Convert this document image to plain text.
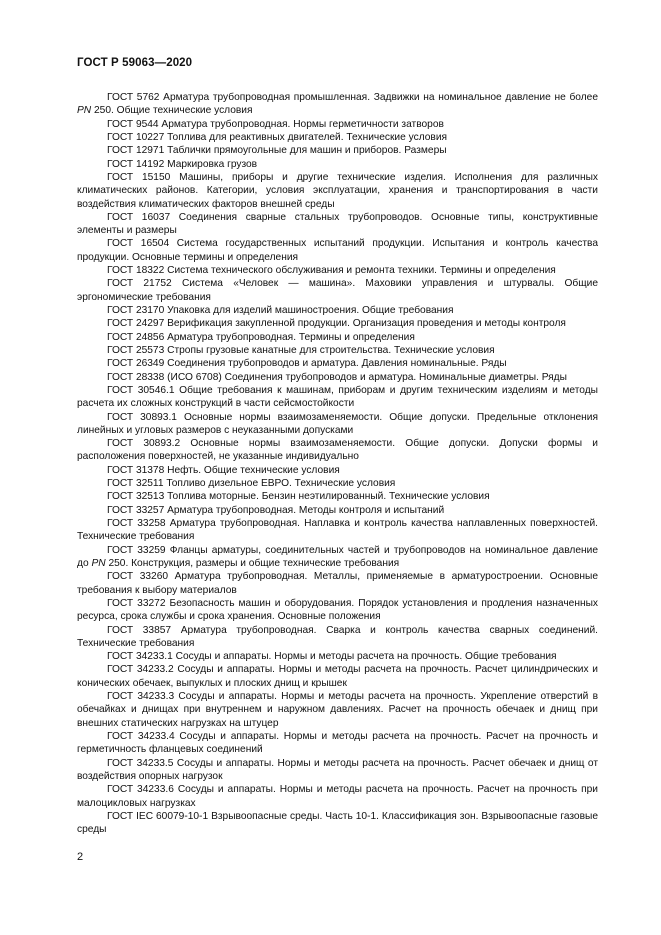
ГОСТ Р 59063—2020

ГОСТ 5762 Арматура трубопроводная промышленная. Задвижки на номинальное давление не более PN 250. Общие технические условия

ГОСТ 9544 Арматура трубопроводная. Нормы герметичности затворов

ГОСТ 10227 Топлива для реактивных двигателей. Технические условия

ГОСТ 12971 Таблички прямоугольные для машин и приборов. Размеры

ГОСТ 14192 Маркировка грузов

ГОСТ 15150 Машины, приборы и другие технические изделия. Исполнения для различных климатических районов. Категории, условия эксплуатации, хранения и транспортирования в части воздействия климатических факторов внешней среды

ГОСТ 16037 Соединения сварные стальных трубопроводов. Основные типы, конструктивные элементы и размеры

ГОСТ 16504 Система государственных испытаний продукции. Испытания и контроль качества продукции. Основные термины и определения

ГОСТ 18322 Система технического обслуживания и ремонта техники. Термины и определения

ГОСТ 21752 Система «Человек — машина». Маховики управления и штурвалы. Общие эргономические требования

ГОСТ 23170 Упаковка для изделий машиностроения. Общие требования

ГОСТ 24297 Верификация закупленной продукции. Организация проведения и методы контроля

ГОСТ 24856 Арматура трубопроводная. Термины и определения

ГОСТ 25573 Стропы грузовые канатные для строительства. Технические условия

ГОСТ 26349 Соединения трубопроводов и арматура. Давления номинальные. Ряды

ГОСТ 28338 (ИСО 6708) Соединения трубопроводов и арматура. Номинальные диаметры. Ряды

ГОСТ 30546.1 Общие требования к машинам, приборам и другим техническим изделиям и методы расчета их сложных конструкций в части сейсмостойкости

ГОСТ 30893.1 Основные нормы взаимозаменяемости. Общие допуски. Предельные отклонения линейных и угловых размеров с неуказанными допусками

ГОСТ 30893.2 Основные нормы взаимозаменяемости. Общие допуски. Допуски формы и расположения поверхностей, не указанные индивидуально

ГОСТ 31378 Нефть. Общие технические условия

ГОСТ 32511 Топливо дизельное ЕВРО. Технические условия

ГОСТ 32513 Топлива моторные. Бензин неэтилированный. Технические условия

ГОСТ 33257 Арматура трубопроводная. Методы контроля и испытаний

ГОСТ 33258 Арматура трубопроводная. Наплавка и контроль качества наплавленных поверхностей. Технические требования

ГОСТ 33259 Фланцы арматуры, соединительных частей и трубопроводов на номинальное давление до PN 250. Конструкция, размеры и общие технические требования

ГОСТ 33260 Арматура трубопроводная. Металлы, применяемые в арматуростроении. Основные требования к выбору материалов

ГОСТ 33272 Безопасность машин и оборудования. Порядок установления и продления назначенных ресурса, срока службы и срока хранения. Основные положения

ГОСТ 33857 Арматура трубопроводная. Сварка и контроль качества сварных соединений. Технические требования

ГОСТ 34233.1 Сосуды и аппараты. Нормы и методы расчета на прочность. Общие требования

ГОСТ 34233.2 Сосуды и аппараты. Нормы и методы расчета на прочность. Расчет цилиндрических и конических обечаек, выпуклых и плоских днищ и крышек

ГОСТ 34233.3 Сосуды и аппараты. Нормы и методы расчета на прочность. Укрепление отверстий в обечайках и днищах при внутреннем и наружном давлениях. Расчет на прочность обечаек и днищ при внешних статических нагрузках на штуцер

ГОСТ 34233.4 Сосуды и аппараты. Нормы и методы расчета на прочность. Расчет на прочность и герметичность фланцевых соединений

ГОСТ 34233.5 Сосуды и аппараты. Нормы и методы расчета на прочность. Расчет обечаек и днищ от воздействия опорных нагрузок

ГОСТ 34233.6 Сосуды и аппараты. Нормы и методы расчета на прочность. Расчет на прочность при малоцикловых нагрузках

ГОСТ IEC 60079-10-1 Взрывоопасные среды. Часть 10-1. Классификация зон. Взрывоопасные газовые среды

2
